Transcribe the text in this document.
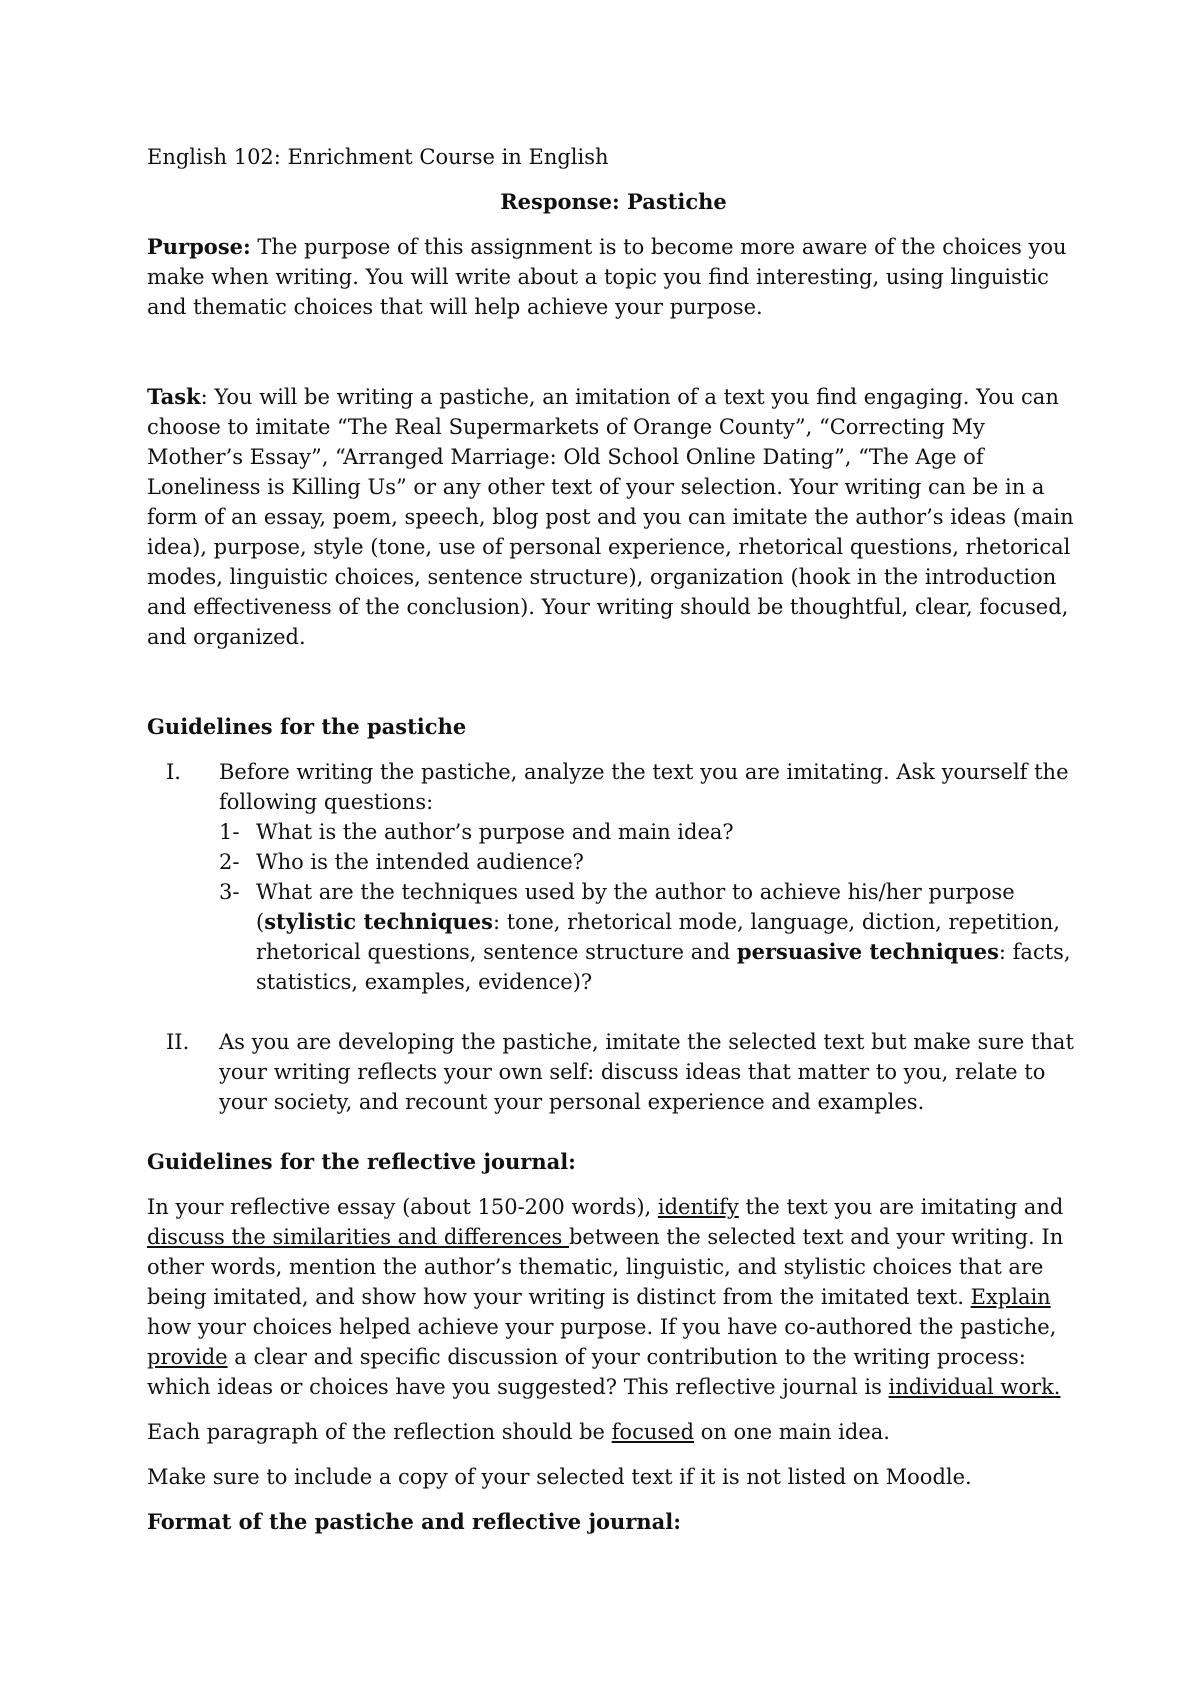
English 102: Enrichment Course in English

Response: Pastiche

Purpose: The purpose of this assignment is to become more aware of the choices you make when writing. You will write about a topic you find interesting, using linguistic and thematic choices that will help achieve your purpose.

Task: You will be writing a pastiche, an imitation of a text you find engaging. You can choose to imitate “The Real Supermarkets of Orange County”, “Correcting My Mother’s Essay”, “Arranged Marriage: Old School Online Dating”, “The Age of Loneliness is Killing Us” or any other text of your selection. Your writing can be in a form of an essay, poem, speech, blog post and you can imitate the author’s ideas (main idea), purpose, style (tone, use of personal experience, rhetorical questions, rhetorical modes, linguistic choices, sentence structure), organization (hook in the introduction and effectiveness of the conclusion). Your writing should be thoughtful, clear, focused, and organized.

Guidelines for the pastiche

I. Before writing the pastiche, analyze the text you are imitating. Ask yourself the following questions:

1- What is the author’s purpose and main idea?
2- Who is the intended audience?
3- What are the techniques used by the author to achieve his/her purpose (stylistic techniques: tone, rhetorical mode, language, diction, repetition, rhetorical questions, sentence structure and persuasive techniques: facts, statistics, examples, evidence)?
II. As you are developing the pastiche, imitate the selected text but make sure that your writing reflects your own self: discuss ideas that matter to you, relate to your society, and recount your personal experience and examples.

Guidelines for the reflective journal:

In your reflective essay (about 150-200 words), identify the text you are imitating and discuss the similarities and differences between the selected text and your writing. In other words, mention the author’s thematic, linguistic, and stylistic choices that are being imitated, and show how your writing is distinct from the imitated text. Explain how your choices helped achieve your purpose. If you have co-authored the pastiche, provide a clear and specific discussion of your contribution to the writing process: which ideas or choices have you suggested? This reflective journal is individual work.

Each paragraph of the reflection should be focused on one main idea.

Make sure to include a copy of your selected text if it is not listed on Moodle.

Format of the pastiche and reflective journal:
